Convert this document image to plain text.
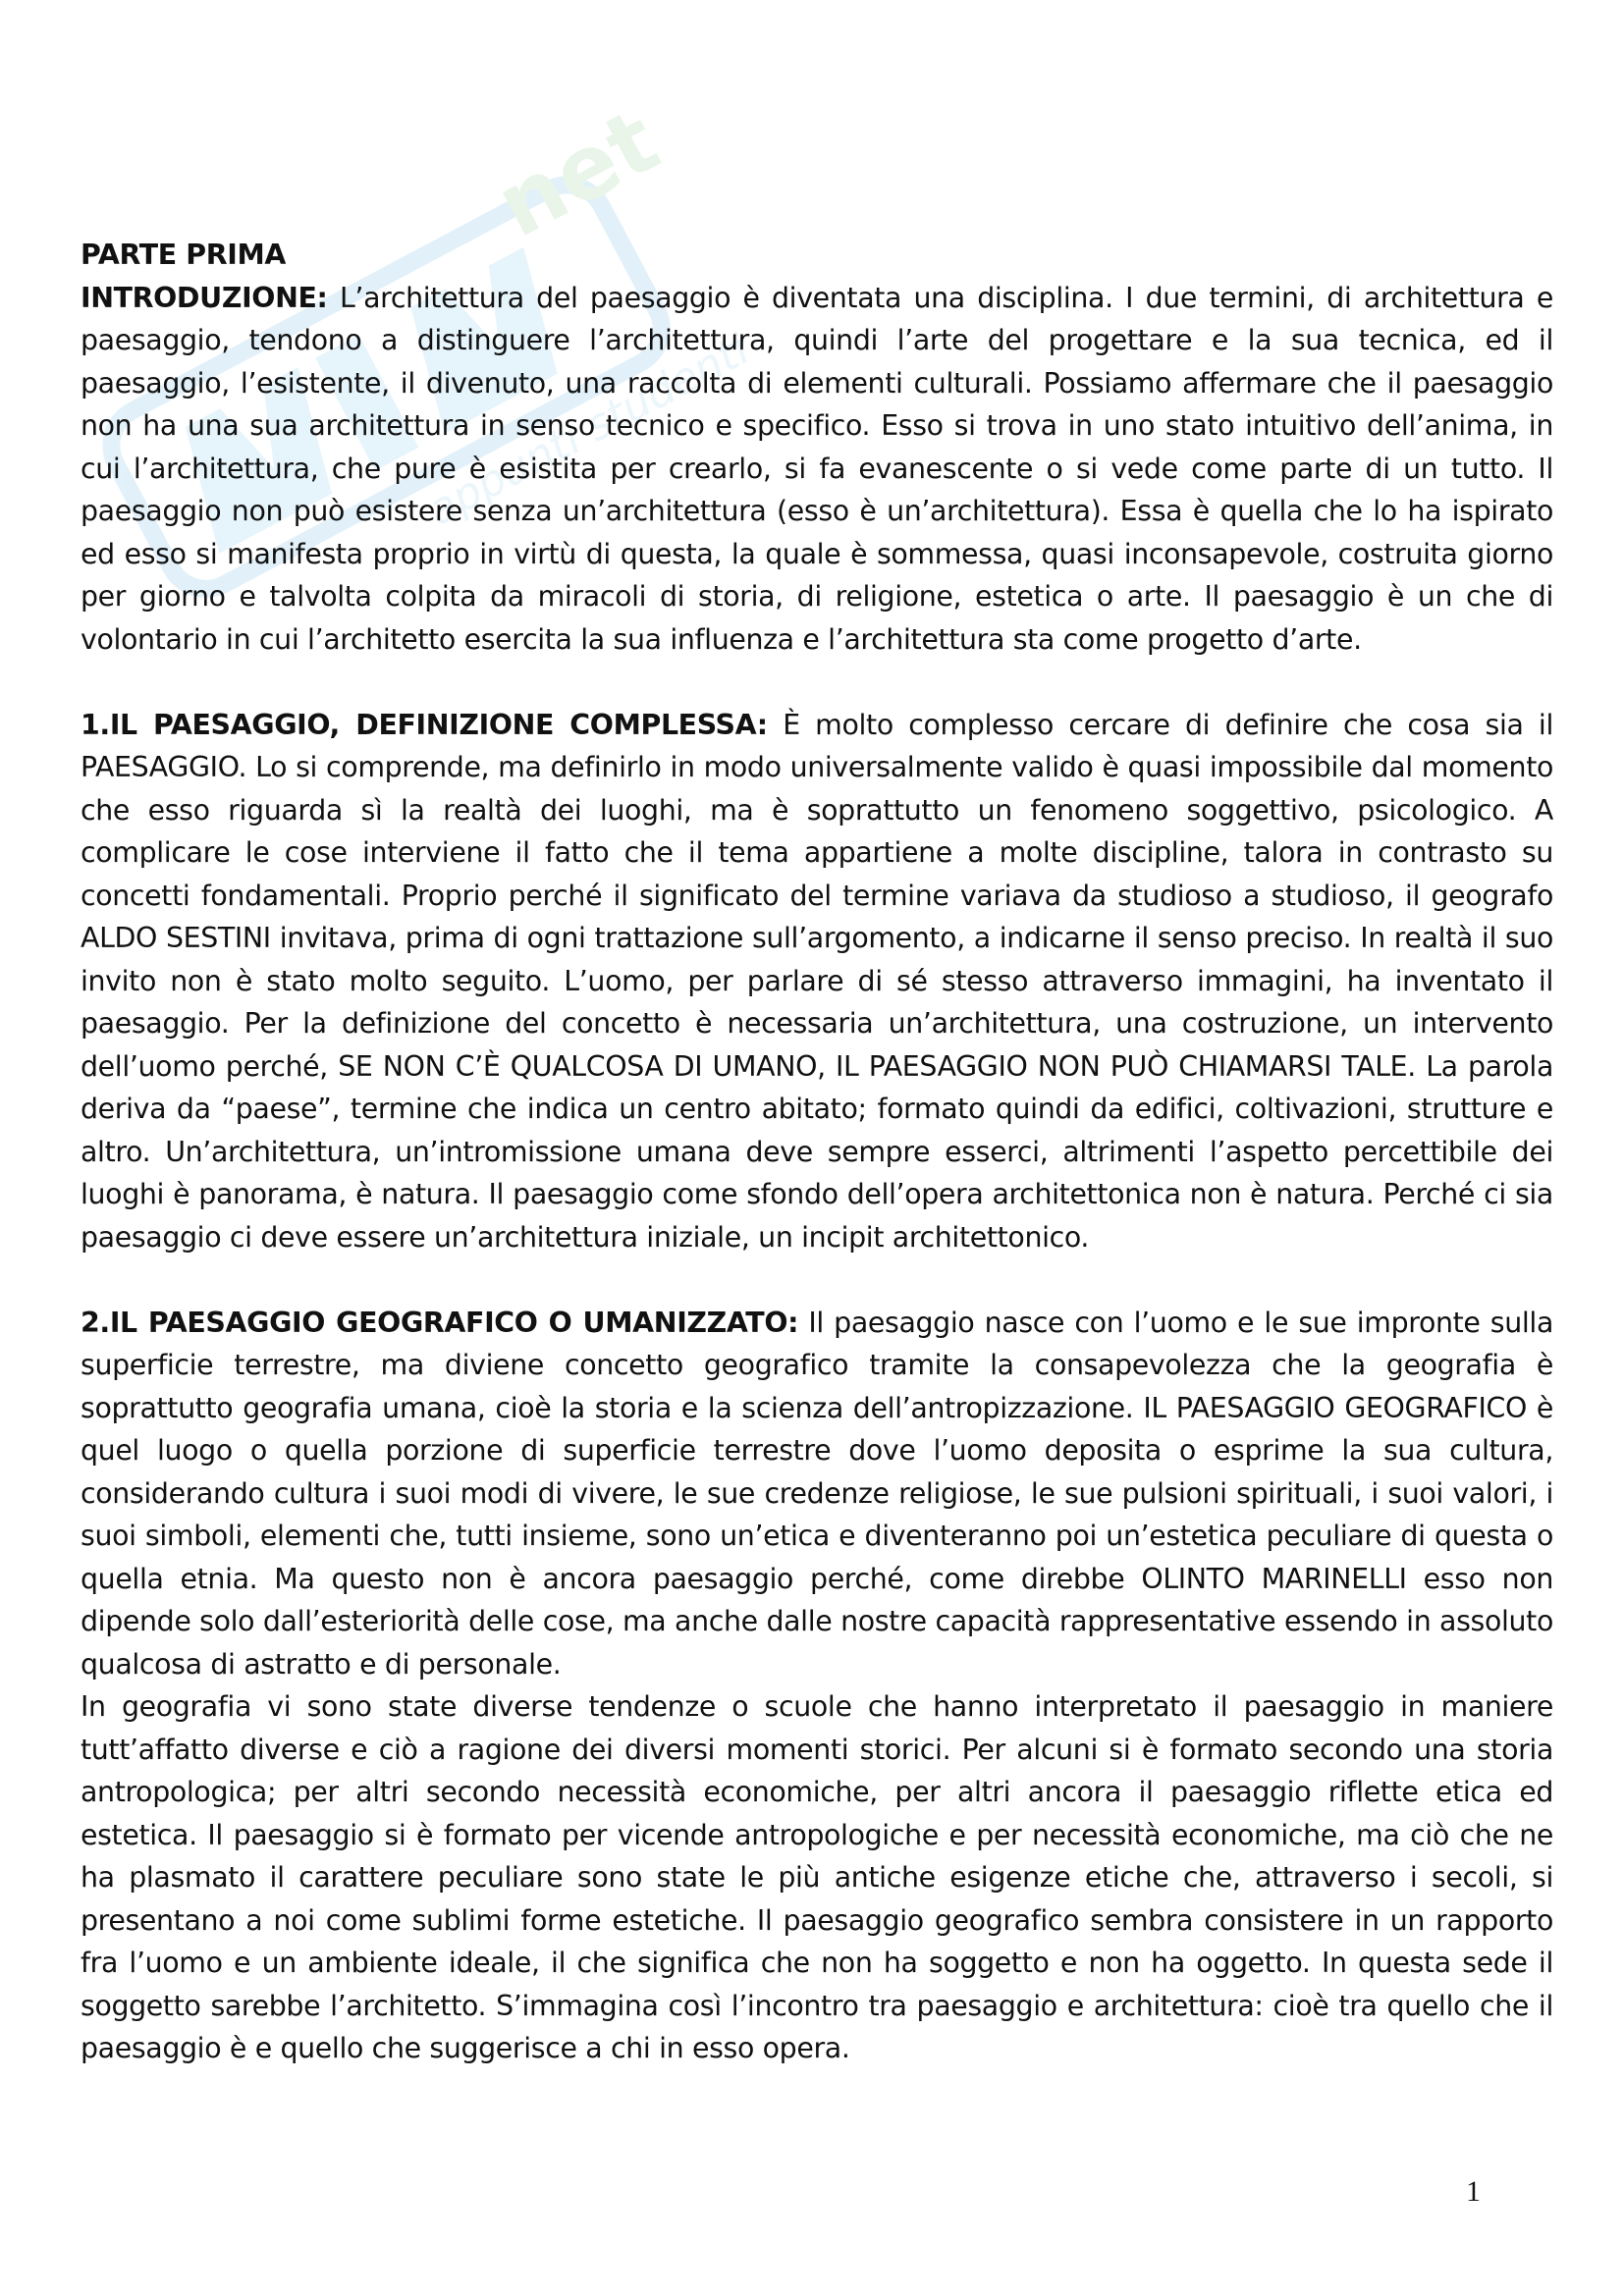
net
appunti studenti

PARTE PRIMA

INTRODUZIONE: L’architettura del paesaggio è diventata una disciplina. I due termini, di architettura e paesaggio, tendono a distinguere l’architettura, quindi l’arte del progettare e la sua tecnica, ed il paesaggio, l’esistente, il divenuto, una raccolta di elementi culturali. Possiamo affermare che il paesaggio non ha una sua architettura in senso tecnico e specifico. Esso si trova in uno stato intuitivo dell’anima, in cui l’architettura, che pure è esistita per crearlo, si fa evanescente o si vede come parte di un tutto. Il paesaggio non può esistere senza un’architettura (esso è un’architettura). Essa è quella che lo ha ispirato ed esso si manifesta proprio in virtù di questa, la quale è sommessa, quasi inconsapevole, costruita giorno per giorno e talvolta colpita da miracoli di storia, di religione, estetica o arte. Il paesaggio è un che di volontario in cui l’architetto esercita la sua influenza e l’architettura sta come progetto d’arte.

1.IL PAESAGGIO, DEFINIZIONE COMPLESSA: È molto complesso cercare di definire che cosa sia il PAESAGGIO. Lo si comprende, ma definirlo in modo universalmente valido è quasi impossibile dal momento che esso riguarda sì la realtà dei luoghi, ma è soprattutto un fenomeno soggettivo, psicologico. A complicare le cose interviene il fatto che il tema appartiene a molte discipline, talora in contrasto su concetti fondamentali. Proprio perché il significato del termine variava da studioso a studioso, il geografo ALDO SESTINI invitava, prima di ogni trattazione sull’argomento, a indicarne il senso preciso. In realtà il suo invito non è stato molto seguito. L’uomo, per parlare di sé stesso attraverso immagini, ha inventato il paesaggio. Per la definizione del concetto è necessaria un’architettura, una costruzione, un intervento dell’uomo perché, SE NON C’È QUALCOSA DI UMANO, IL PAESAGGIO NON PUÒ CHIAMARSI TALE. La parola deriva da “paese”, termine che indica un centro abitato; formato quindi da edifici, coltivazioni, strutture e altro. Un’architettura, un’intromissione umana deve sempre esserci, altrimenti l’aspetto percettibile dei luoghi è panorama, è natura. Il paesaggio come sfondo dell’opera architettonica non è natura. Perché ci sia paesaggio ci deve essere un’architettura iniziale, un incipit architettonico.

2.IL PAESAGGIO GEOGRAFICO O UMANIZZATO: Il paesaggio nasce con l’uomo e le sue impronte sulla superficie terrestre, ma diviene concetto geografico tramite la consapevolezza che la geografia è soprattutto geografia umana, cioè la storia e la scienza dell’antropizzazione. IL PAESAGGIO GEOGRAFICO è quel luogo o quella porzione di superficie terrestre dove l’uomo deposita o esprime la sua cultura, considerando cultura i suoi modi di vivere, le sue credenze religiose, le sue pulsioni spirituali, i suoi valori, i suoi simboli, elementi che, tutti insieme, sono un’etica e diventeranno poi un’estetica peculiare di questa o quella etnia. Ma questo non è ancora paesaggio perché, come direbbe OLINTO MARINELLI esso non dipende solo dall’esteriorità delle cose, ma anche dalle nostre capacità rappresentative essendo in assoluto qualcosa di astratto e di personale.

In geografia vi sono state diverse tendenze o scuole che hanno interpretato il paesaggio in maniere tutt’affatto diverse e ciò a ragione dei diversi momenti storici. Per alcuni si è formato secondo una storia antropologica; per altri secondo necessità economiche, per altri ancora il paesaggio riflette etica ed estetica. Il paesaggio si è formato per vicende antropologiche e per necessità economiche, ma ciò che ne ha plasmato il carattere peculiare sono state le più antiche esigenze etiche che, attraverso i secoli, si presentano a noi come sublimi forme estetiche. Il paesaggio geografico sembra consistere in un rapporto fra l’uomo e un ambiente ideale, il che significa che non ha soggetto e non ha oggetto. In questa sede il soggetto sarebbe l’architetto. S’immagina così l’incontro tra paesaggio e architettura: cioè tra quello che il paesaggio è e quello che suggerisce a chi in esso opera.

1
